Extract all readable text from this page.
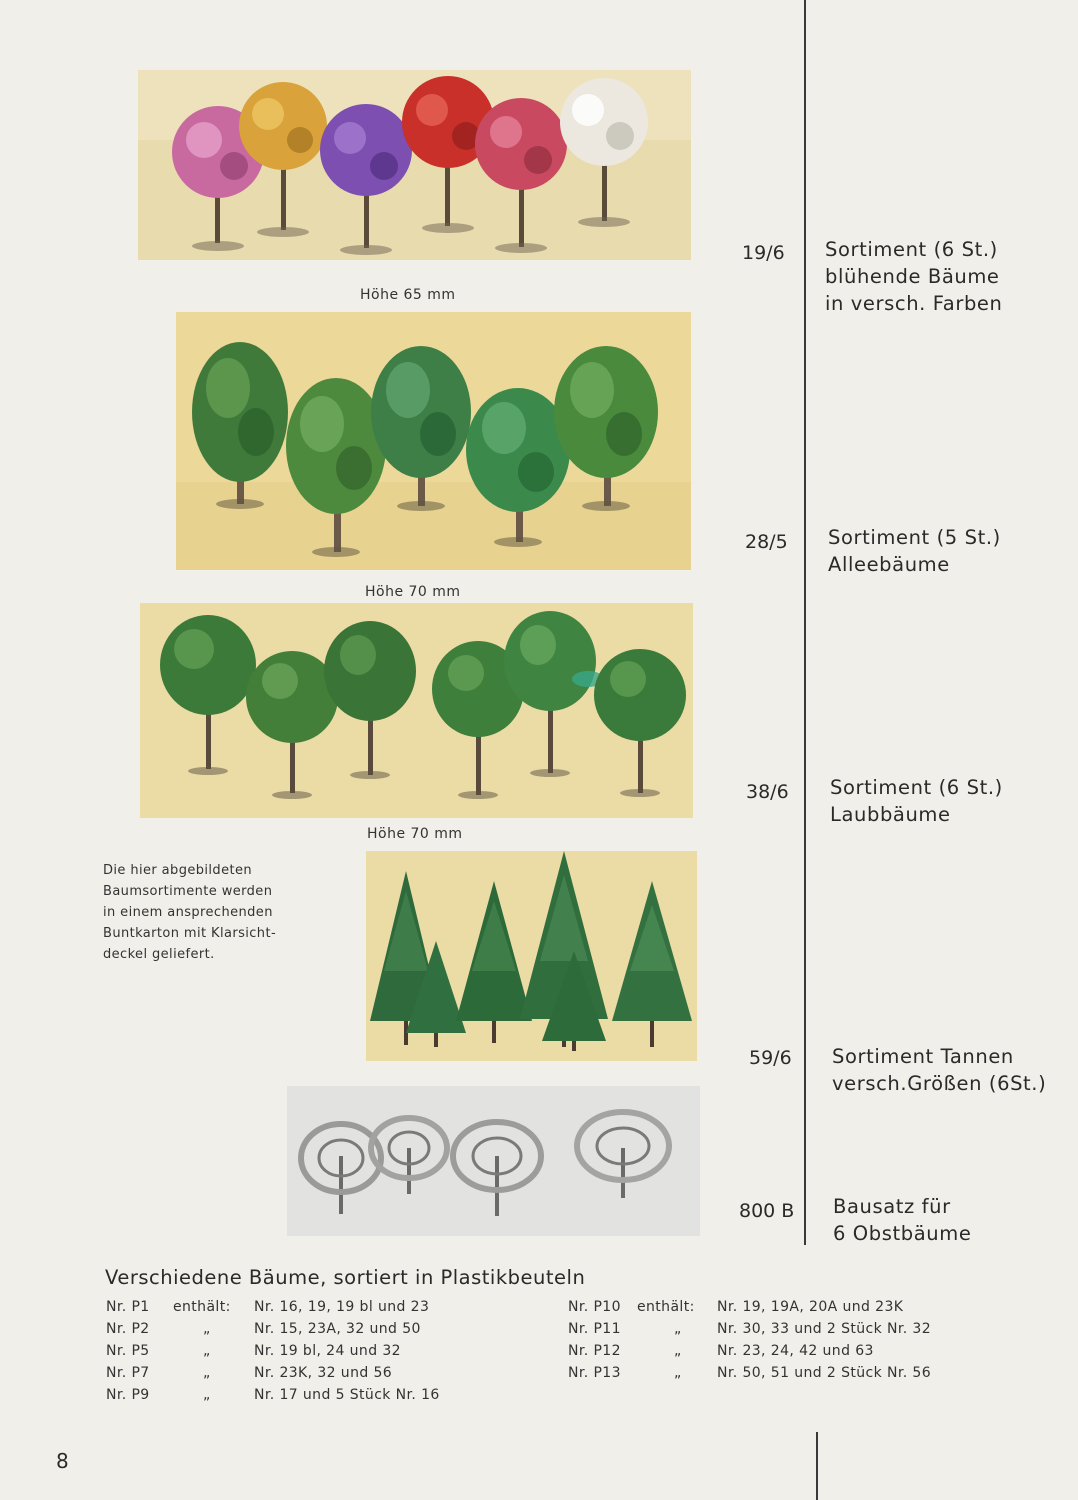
Höhe 65 mm
Höhe 70 mm
Höhe 70 mm
19/6 Sortiment (6 St.)
blühende Bäume
in versch. Farben
28/5 Sortiment (5 St.)
Alleebäume
38/6 Sortiment (6 St.)
Laubbäume
59/6 Sortiment Tannen
versch.Größen (6St.)
800 B Bausatz für
6 Obstbäume
Die hier abgebildeten
Baumsortimente werden
in einem ansprechenden
Buntkarton mit Klarsicht-
deckel geliefert.
Verschiedene Bäume, sortiert in Plastikbeuteln
Nr. P1 enthält: Nr. 16, 19, 19 bl und 23
Nr. P2	„	Nr. 15, 23A, 32 und 50
Nr. P5	„	Nr. 19 bl, 24 und 32
Nr. P7	„	Nr. 23K, 32 und 56
Nr. P9	„	Nr. 17 und 5 Stück Nr. 16
Nr. P10 enthält: Nr. 19, 19A, 20A und 23K
Nr. P11	„	Nr. 30, 33 und 2 Stück Nr. 32
Nr. P12	„	Nr. 23, 24, 42 und 63
Nr. P13	„	Nr. 50, 51 und 2 Stück Nr. 56
8
